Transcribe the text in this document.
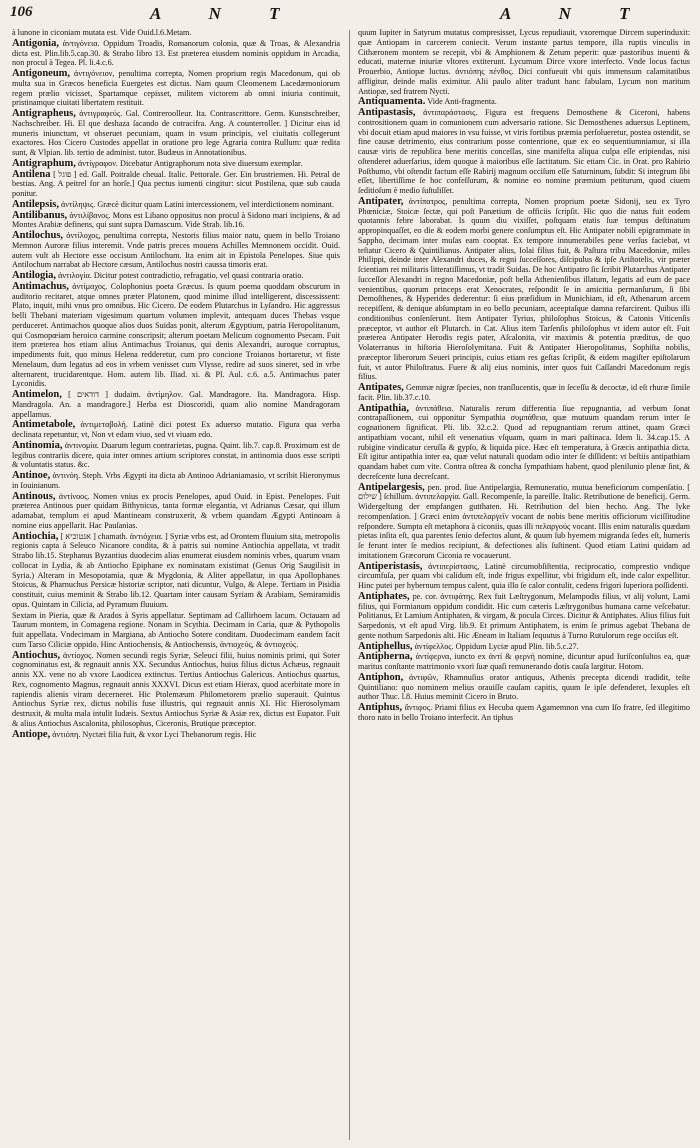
106	A N T	A N T

à lunone in ciconiam mutata est. Vide Ouid.l.6.Metam.

Antigonia, ἀντιγόνεια. Oppidum Troadis, Romanorum colonia, quæ & Troas, & Alexandria dicta est. Plin.lib.5.cap.30. & Strabo libro 13. Est præterea eiusdem nominis oppidum in Arcadia, non procul à Tegea. Pl. li.4.c.6.

Antigoneum, ἀντιγόνειον, penultima correpta, Nomen proprium regis Macedonum, qui ob multa sua in Græcos beneficia Euergetes est dictus. Nam quum Cleomenem Lacedæmoniorum regem prælio vicisset, Spartamque cepisset, militem victorem ab omni iniuria continuit, pristinamque ciuitati libertatem restituit.

Antigrapheus, ἀντιγραφεύς. Gal. Contreroolleur. Ita. Contrascrittore. Germ. Kunstschreiber, Nachschreiber. Hi. El que deshaza ſacando de cotracifra. Ang. A counterroller. ] Dicitur eius id muneris iniunctum, vt obseruet pecuniam, quam in vsum principis, vel ciuitatis collegerunt exactores. Hos Cicero Custodes appellat in oratione pro lege Agraria contra Rullum: quæ redita sunt, & Vlpian. lib. tertio de administ. tutor. Budæus in Annotationibus.

Antigraphum, ἀντίγραφον. Dicebatur Antigraphorum nota sive diuersum exemplar.

Antilena [ פוגל ] ed. Gall. Poitralde cheual. Italic. Pettorale. Ger. Ein brustriemen. Hi. Petral de bestias. Ang. A peitrel for an horſe.] Qua pectus iumenti cingitur: sicut Postilena, quæ sub cauda ponitur.

Antilepsis, ἀντίληψις. Græcè dicitur quam Latini intercessionem, vel interdictionem nominant.

Antilibanus, ἀντιλίβανος. Mons est Libano oppositus non procul à Sidono mari incipiens, & ad Montes Arabiæ definens, qui sunt supra Damascum. Vide Strab. lib.16.

Antilochus, ἀντίλοχος, penultima correpta, Nestoris filius maior natu, quem in bello Troiano Memnon Auroræ filius interemit. Vnde patris preces mouens Achilles Memnonem occidit. Ouid. autem vult ab Hectore esse occisum Antilochum. Ita enim ait in Epistola Penelopes. Siue quis Antilochum narrabat ab Hectore cæsum, Antilochus nostri caussa timoris erat.

Antilogia, ἀντιλογία. Dicitur potest contradictio, refragatio, vel quasi contraria oratio.

Antimachus, ἀντίμαχος. Colophonius poeta Græcus. Is quum poema quoddam obscurum in auditorio recitaret, atque omnes præter Platonem, quod minime illud intelligerent, discessissent: Plato, inquit, mihi vnus pro omnibus. Hic Cicero. De eodem Plutarchus in Lyſandro. Hic aggressus belli Thebani materiam vigesimum quartum volumen implevit, antequam duces Thebas vsque perduceret. Antimachos quoque alios duos Suidas ponit, alterum Ægyptium, patria Heropolitanum, qui Cosmopœiam heroico carmine conscripsit; alterum poetam Melicum cognomento Psecam. Fuit item præterea hos etiam alius Antimachus Troianus, qui denis Alexandri, auroque corruptus, impediments fuit, quo minus Helena redderetur, cum pro concione Troianos hortaretur, vt fiste Menelaum, dum legatus ad eos in vrbem venisset cum Vlysse, redire ad suos sineret, sed in vrbe alternarent, trucidarentque. Hom. autem lib. Iliad. xi. & Pl. Aul. c.6. a.5. Antimachus pater Lyconidis.

Antimelon, [ דודאים ] dudaim. ἀντίμηλον. Gal. Mandragore. Ita. Mandragora. Hisp. Mandragola. An. a mandragore.] Herba est Dioscoridi, quam alio nomine Mandragoram appellamus.

Antimetabole, ἀντιμεταβολή. Latinè dici potest Ex aduerso mutatio. Figura qua verba declinata repetuntur, vt, Non vt edam viuo, sed vt viuam edo.

Antinomia, ἀντινομία. Duarum legum contrarietas, pugna. Quint. lib.7. cap.8. Proximum est de legibus contrariis dicere, quia inter omnes artium scriptores constat, in antinomia duos esse scripti & voluntatis status. &c.

Antinoe, ἀντινόη. Steph. Vrbs Ægypti ita dicta ab Antinoo Adrianiamasio, vt scribit Hieronymus in Iouinianum.

Antinous, ἀντίνοος. Nomen vnius ex procis Penelopes, apud Ouid. in Epist. Penelopes. Fuit præterea Antinous puer quidam Bithynicus, tanta formæ elegantia, vt Adrianus Cæsar, qui illum adamabat, templum ei apud Mantineam construxerit, & vrbem quandam Ægypti Antinoam à nomine eius appellarit. Hac Pauſanias.

Antiochia, [ אנטוכיא ] chamath. ἀντιόχεια. ] Syriæ vrbs est, ad Orontem fluuium sita, metropolis regionis capta à Seleuco Nicanore condita, & à patris sui nomine Antiochia appellata, vt tradit Strabo lib.15. Stephanus Byzantius duodecim alias enumerat eiusdem nominis vrbes, quarum vnam collocat in Lydia, & ab Antiocho Epiphane ex nominatam existimat (Genus Orig Saugilisit in Syria.) Alteram in Mesopotamia, quæ & Mygdonia, & Aliter appellatur, in qua Apollophanes Stoicus, & Pharnuchus Persicæ historiæ scriptor, nati dicuntur, Vulgo, & Alepe. Tertiam in Pisidia constituit, cuius meminit & Strabo lib.12. Quartam inter causam Syriam & Arabiam, Semiramidis opus. Quintam in Cilicia, ad Pyramum fluuium.

Sextam in Pieria, quæ & Arados à Syris appellatur. Septimam ad Callirhoem lacum. Octauam ad Taurum montem, in Comagena regione. Nonam in Scythia. Decimam in Caria, quæ & Pythopolis fuit appellata. Vndecimam in Margiana, ab Antiocho Sotere conditam. Duodecimam eandem facit cum Tarso Ciliciæ oppido. Hinc Antiochensis, & Antiochensis, ἀντιοχεύς, & ἀντιοχεύς.

Antiochus, ἀντίοχος. Nomen secundi regis Syriæ, Seleuci filii, huius nominis primi, qui Soter cognominatus est, & regnauit annis XX. Secundus Antiochus, huius filius dictus Achæus, regnauit annis XX. vene no ab vxore Laodicea extinctus. Tertius Antiochus Galericus. Antiochus quartus, Rex, cognomento Magnus, regnauit annis XXXVI. Dicus est etiam Hierax, quod acerbitate more in rapiendis alienis viram decerneret. Hic Ptolemæum Philometorem prælio superauit. Quintus Antiochus Syriæ rex, dictus nobilis fuse illustris, qui regnauit annis XI. Hic Hierosolymam destruxit, & multa mala intulit Iudæis. Sextus Antiochus Syriæ & Asiæ rex, dictus est Eupator. Fuit & alius Antiochus Ascalonita, philosophus, Ciceronis, Brutique præceptor.

Antiope, ἀντιόπη. Nyctæi filia fuit, & vxor Lyci Thebanorum regis. Hic

quum Iupiter in Satyrum mutatus compresisset, Lycus repudiauit, vxoremque Dircem superinduxit: quæ Antiopam in carcerem coniecit. Verum instante partus tempore, illa ruptis vinculis in Cithæronem montem se recepit, vbi & Amphionem & Zetum peperit: quæ pastoribus inuenti & educati, maternæ iniuriæ vltores extiterunt. Lycumum Dirce vxore interfecto. Vnde locus factus Prouerbio, Antiopæ luctus. ἀντιόπης πένθος. Dici confueuit vbi quis immensum calamitatibus affligitur, deinde malis eximitur. Alii paulo aliter tradunt hanc fabulam, Lycum non maritum Antiopæ, sed fratrem Nycti.

Antiquamenta. Vide Anti-fragmenta.

Antipastasis, ἀντιπαράστασις. Figura est frequens Demosthene & Ciceroni, habens contrositionem quam in comunionem cum adversario ratione. Sic Demosthenes aduersus Leptinem, vbi docuit etiam apud maiores in vsu fuisse, vt viris fortibus præmia perſolueretur, postea ostendit, se fine causæ detrimento, eius contrarium posse contenrione, quæ ex eo sequentiumniamur, si illa causæ viris de republica bene meritis conceſſas, sine manifeſta aliqua culpa eſſe eripiendas, nisi oſtenderet aduerſarius, idem quoque à maioribus eſſe ſactitatum. Sic etiam Cic. in Orat. pro Rabirio Poſthumo, vbi oſtendit factum eſſe Rabirij magnum occiſum eſſe Saturninum, ſubdit: Si integrum ſibi eſſet, libertiſſime ſe hoc confeſſurum, & nomine eo nomine præmium petiturum, quod ciuem ſeditioſum è medio ſuſtuliſſet.

Antipater, ἀντίπατρος, penultima correpta, Nomen proprium poetæ Sidonij, seu ex Tyro Phœniciæ, Stoicæ ſectæ, qui poſt Panætium de officiis ſcripſit. Hic quo die natus fuit eodem quotannis febre laborabat. Is quum diu vixiſſet, poſtquam etatis ſuæ tempus deſtinatum appropinquaſſet, eo die & eodem morbi genere conſumptus eſt. Hic Antipater nobili epigrammate in Sappho, decimam inter muſas eam cooptat. Ex tempore innumerabiles pene verſus faciebat, vt teſtatur Cicero & Quintilianus. Antipater alius, Iolai filius fuit, & Paſtura tribu Macedoniæ, miles Philippi, deinde inter Alexandri duces, & regni ſucceſſores, diſcipulus & ipſe Ariſtotelis, vir præter ſcientiam rei militaris litteratiſſimus, vt tradit Suidas. De hoc Antipatro ſic ſcribit Plutarchus Antipater ſucceſſor Alexandri in regno Macedoniæ, poſt bella Athenienſibus illatum, legatis ad eum de pace venientibus, quorum princeps erat Xenocrates, reſpondit ſe in amicitia permanſurum, ſi ſibi Demoſthenes, & Hyperides dederentur: ſi eius præſidium in Munichiam, id eſt, Athenarum arcem recepiſſent, & denique abſumptam in eo bello pecuniam, aceeptaſque damna refarcirent. Quibus illi conditionibus conſenſerunt. Item Antipater Tyrius, philoſophus Stoicus, & Catonis Viticenſis præceptor, vt author eſt Plutarch. in Cat. Alius item Tarſenſis philoſophus vt idem autor eſt. Fuit præterea Antipater Herodis regis pater, Aſcalonita, vir maximis & potentia præditus, de quo Volaterranus in hiſtoria Hieroſolymitana. Fuit & Antipater Hieropolitanus, Sophiſta nobilis, præceptor liberorum Seueri principis, cuius etiam res geſtas ſcripſit, & eidem magiſter epiſtolarum fuit, vt autor Philoſtratus. Fuere & alij eius nominis, inter quos fuit Caſſandri Macedonum regis filius.

Antipates, Gemmæ nigræ ſpecies, non tranſlucentis, quæ in ſeceſſu & decoctæ, id eſt rhuræ ſimile facit. Plin. lib.37.c.10.

Antipathia, ἀντιπάθεια. Naturalis rerum differentia ſiue repugnantia, ad verbum ſonat contrapaſſionem, cui opponitur Sympathia συμπάθεια, quæ mutuum quandam rerum inter ſe cognationem ſignificat. Pli. lib. 32.c.2. Quod ad repugnantiam rerum attinet, quam Græci antipathiam vocant, nihil eſt venenatius vſquam, quam in mari paſtinaca. Idem li. 34.cap.15. A rubigine vindicatur ceruſſa & gypſo, & liquida pice. Hæc eſt temperatura, à Græcis antipathia dicta. Eſt igitur antipathia inter ea, quæ velut naturali quodam odio inter ſe diſſident: vt beſtiis antipathiam quandam habet cum vite. Contra oſtrea & concha ſympathiam habent, quod plenilunio plenæ ſint, & decreſcente luna decreſcant.

Antipelargesis, pen. prod. ſiue Antipelargia, Remuneratio, mutua beneficiorum compenſatio. [ שילום ] ſchillum. ἀντιπελαργία. Gall. Recompenſe, la pareille. Italic. Retributione de beneficij. Germ. Widergeltung der empfangen gutthaten. Hi. Retribution del bien hecho. Ang. The lyke recompenſation. ] Græci enim ἀντιπελαργεῖν vocant de nobis bene meritis officiorum viciſſitudine reſpondere. Sumpta eſt metaphora à ciconiis, quas illi πελαργούς vocant. Illis enim naturalis quædam pietas inſita eſt, qua parentes ſenio defectos alunt, & quum ſub hyemem migranda ſedes eſt, humeris ſe ferunt inter ſe medios recipiunt, & defectiones alis ſuſtinent. Quod etiam Latini quidam ad imitationem Græcorum Ciconia re vocauerunt.

Antiperistasis, ἀντιπερίστασις, Latinè circumobſiſtentia, reciprocatio, comprestio vndique circumfuſa, per quam vbi calidum eſt, inde frigus expellitur, vbi frigidum eſt, inde calor expellitur. Hinc putei per hybernum tempus calent, quia illo ſe calor contulit, cedens frigori ſuperiora poſſidenti.

Antiphates, pe. cor. ἀντιφάτης. Rex fuit Læſtrygonum, Melampodis filius, vt alij volunt, Lami filius, qui Formianum oppidum condidit. Hic cum cæteris Læſtrygonibus humana carne veſcebatur. Politianus, Et Lamium Antiphaten, & virgam, & pocula Circes. Dicitur & Antiphates. Alius filius fuit Sarpedonis, vt eſt apud Virg. lib.9. Et primum Antiphatem, is enim ſe primus agebat Thebana de gente nothum Sarpedonis alti. Hic Æneam in Italiam ſequutus à Turno Rutulorum rege occiſus eſt.

Antiphellus, ἀντίφελλος. Oppidum Lyciæ apud Plin. lib.5.c.27.

Antipherna, ἀντίφερνα, iuncto ex ἀντί & φερνή nomine, dicuntur apud Iuriſconſultos ea, quæ maritus conſtante matrimonio vxori ſuæ quaſi remunerando dotis cauſa largitur. Hotom.

Antiphon, ἀντιφῶν, Rhamnuſius orator antiquus, Athenis precepta dicendi tradidit, teſte Quintiliano: quo nominem melius orauiſſe cauſam capitis, quum ſe ipſe defenderet, lexuples eſt author Thuc. l.8. Huius meminit Cicero in Bruto.

Antiphus, ἄντιφος. Priami filius ex Hecuba quem Agamemnon vna cum Iſo fratre, ſed illegitimo thoro nato in bello Troiano interfecit. An tiphus
